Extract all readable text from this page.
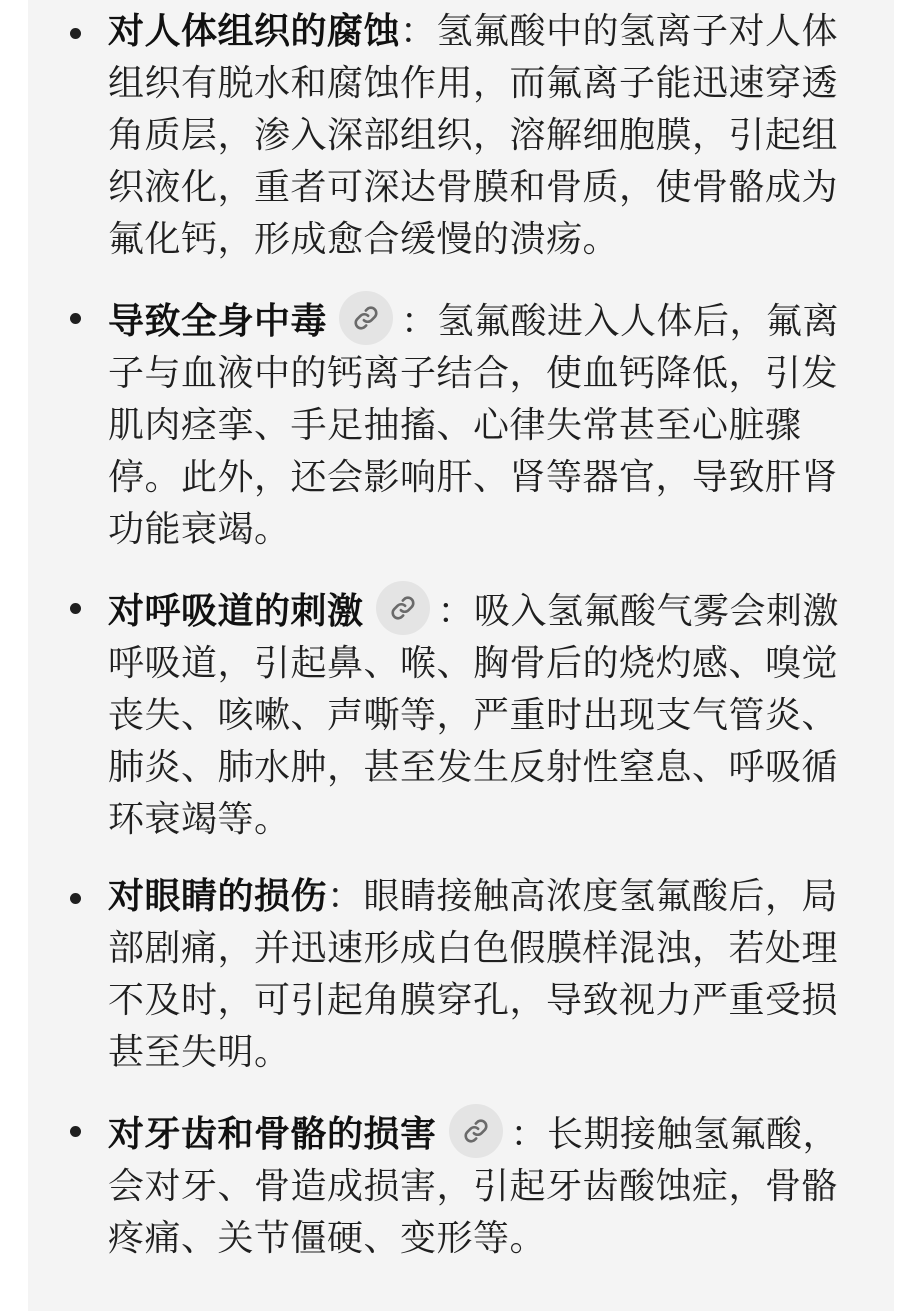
对人体组织的腐蚀：氢氟酸中的氢离子对人体组织有脱水和腐蚀作用，而氟离子能迅速穿透角质层，渗入深部组织，溶解细胞膜，引起组织液化，重者可深达骨膜和骨质，使骨骼成为氟化钙，形成愈合缓慢的溃疡。
导致全身中毒 ：氢氟酸进入人体后，氟离子与血液中的钙离子结合，使血钙降低，引发肌肉痉挛、手足抽搐、心律失常甚至心脏骤停。此外，还会影响肝、肾等器官，导致肝肾功能衰竭。
对呼吸道的刺激 ：吸入氢氟酸气雾会刺激呼吸道，引起鼻、喉、胸骨后的烧灼感、嗅觉丧失、咳嗽、声嘶等，严重时出现支气管炎、肺炎、肺水肿，甚至发生反射性窒息、呼吸循环衰竭等。
对眼睛的损伤：眼睛接触高浓度氢氟酸后，局部剧痛，并迅速形成白色假膜样混浊，若处理不及时，可引起角膜穿孔，导致视力严重受损甚至失明。
对牙齿和骨骼的损害 ：长期接触氢氟酸，会对牙、骨造成损害，引起牙齿酸蚀症，骨骼疼痛、关节僵硬、变形等。
